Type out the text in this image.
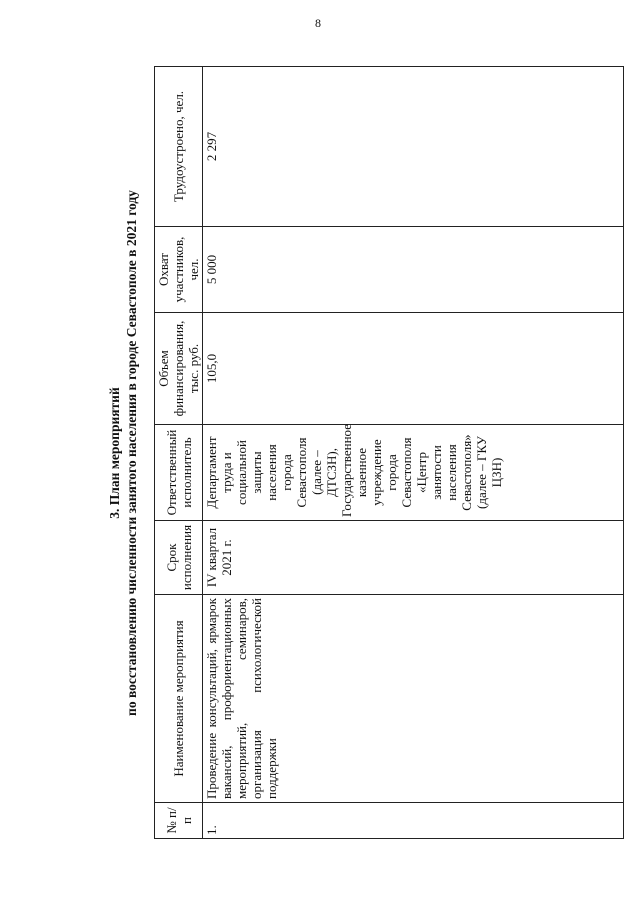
8
3. План мероприятий по восстановлению численности занятого населения в городе Севастополе в 2021 году
№ п/п	Наименование мероприятия	Срок исполнения	Ответственный исполнитель	Объем финансирования, тыс. руб.	Охват участников, чел.	Трудоустроено, чел.
1.	Проведение консультаций, ярмарок вакансий, профориентационных мероприятий, семинаров, организация психологической поддержки	IV квартал 2021 г.	Департамент труда и социальной защиты населения города Севастополя (далее – ДТСЗН), Государственное казенное учреждение города Севастополя «Центр занятости населения Севастополя» (далее – ГКУ ЦЗН)	105,0	5 000	2 297
